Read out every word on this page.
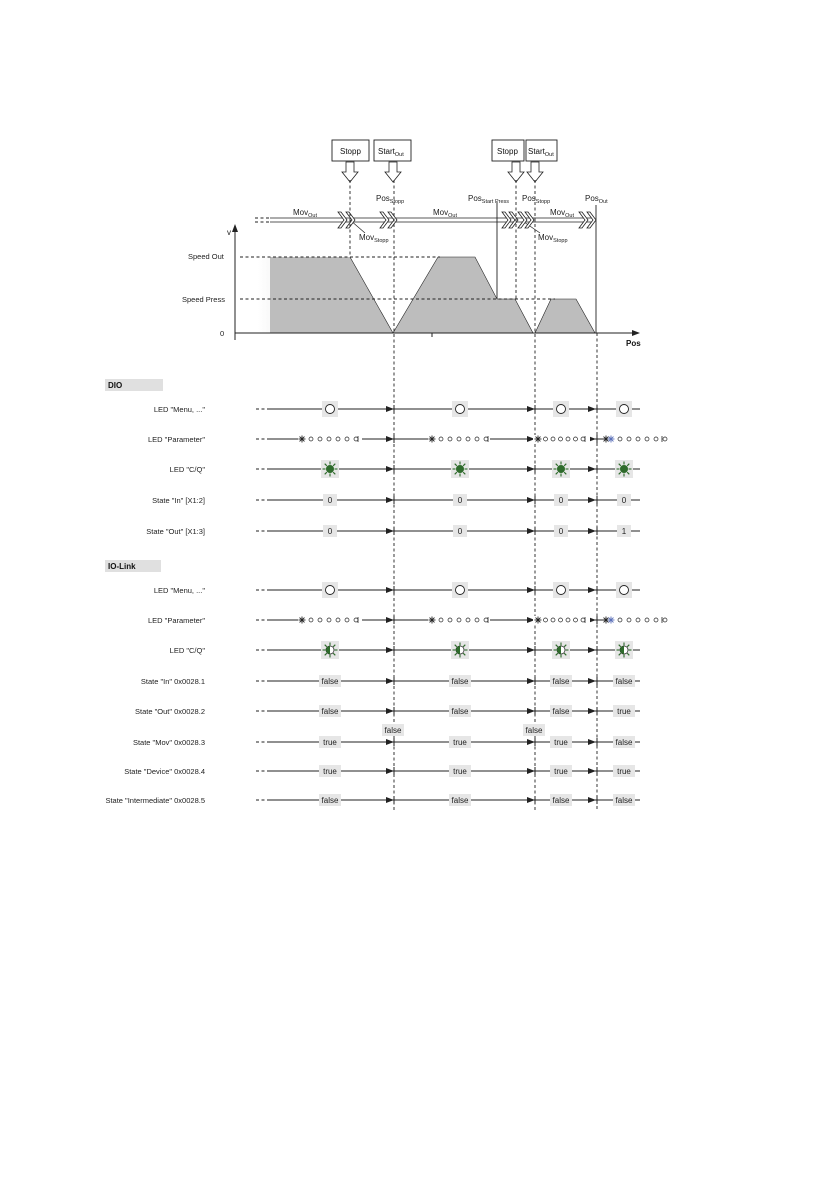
Stopp Start$_{Out}$	Stopp Start$_{Out}$
Pos$_{Stopp}$	Pos$_{Start Press}$ Pos$_{Stopp}$	Pos$_{Out}$
Mov$_{Out}$
Mov$_{Stopp}$
Mov$_{Out}$	Mov$_{Out}$
Mov$_{Stopp}$
v
Pos
Speed Out
Speed Press
0
DIO
IO-Link
LED "Menu, ..."
LED "Parameter"
LED "C/Q"
State "In" [X1:2]	0	0	0	0
State "Out" [X1:3]	0	0	0	1
LED "Menu, ..."
LED "Parameter"
LED "C/Q"
State "In" 0x0028.1	false	false	false	false
State "Out" 0x0028.2	false	false	false	true
State "Mov" 0x0028.3	true	true	true	false
false	false
State "Device" 0x0028.4	true	true	true	true
State "Intermediate" 0x0028.5	false	false	false	false
